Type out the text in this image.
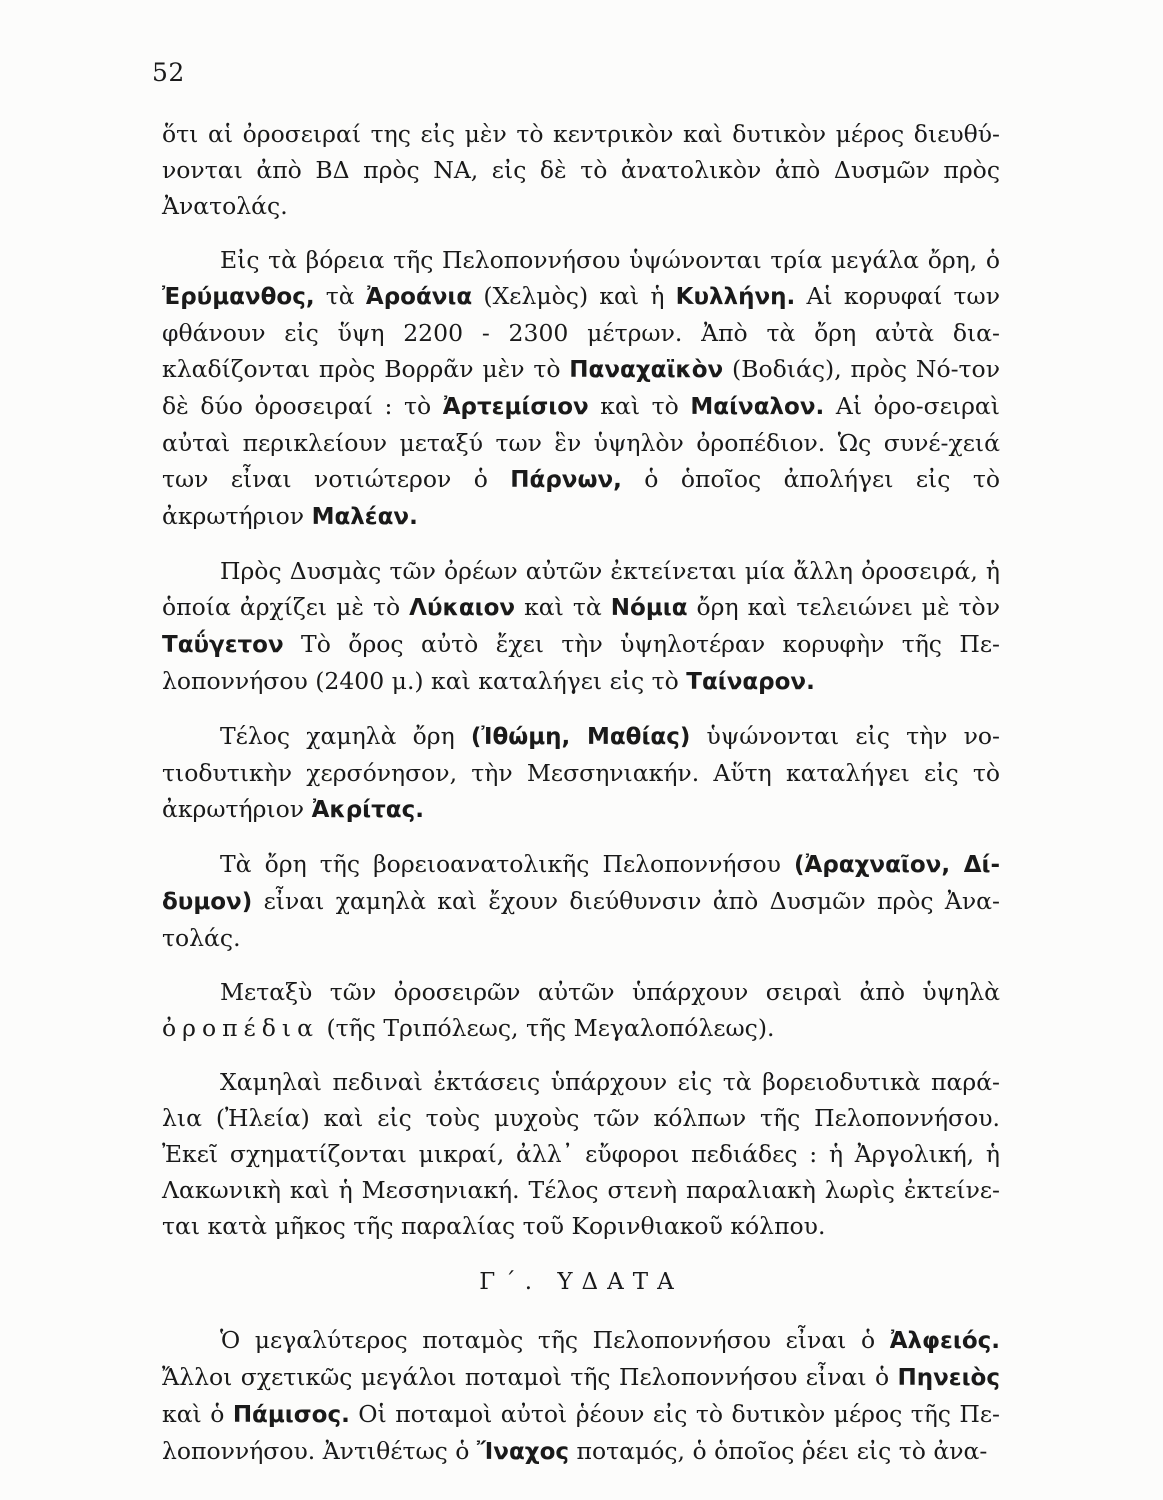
52

ὅτι αἱ ὀροσειραί της εἰς μὲν τὸ κεντρικὸν καὶ δυτικὸν μέρος διευθύ-νονται ἀπὸ ΒΔ πρὸς ΝΑ, εἰς δὲ τὸ ἀνατολικὸν ἀπὸ Δυσμῶν πρὸς Ἀνατολάς.

Εἰς τὰ βόρεια τῆς Πελοποννήσου ὑψώνονται τρία μεγάλα ὄρη, ὁ Ἐρύμανθος, τὰ Ἀροάνια (Χελμὸς) καὶ ἡ Κυλλήνη. Αἱ κορυφαί των φθάνουν εἰς ὕψη 2200 - 2300 μέτρων. Ἀπὸ τὰ ὄρη αὐτὰ δια-κλαδίζονται πρὸς Βορρᾶν μὲν τὸ Παναχαϊκὸν (Βοδιάς), πρὸς Νό-τον δὲ δύο ὀροσειραί : τὸ Ἀρτεμίσιον καὶ τὸ Μαίναλον. Αἱ ὀρο-σειραὶ αὐταὶ περικλείουν μεταξύ των ἓν ὑψηλὸν ὀροπέδιον. Ὡς συνέ-χειά των εἶναι νοτιώτερον ὁ Πάρνων, ὁ ὁποῖος ἀπολήγει εἰς τὸ ἀκρωτήριον Μαλέαν.

Πρὸς Δυσμὰς τῶν ὀρέων αὐτῶν ἐκτείνεται μία ἄλλη ὀροσειρά, ἡ ὁποία ἀρχίζει μὲ τὸ Λύκαιον καὶ τὰ Νόμια ὄρη καὶ τελειώνει μὲ τὸν Ταΰγετον Τὸ ὄρος αὐτὸ ἔχει τὴν ὑψηλοτέραν κορυφὴν τῆς Πε-λοποννήσου (2400 μ.) καὶ καταλήγει εἰς τὸ Ταίναρον.

Τέλος χαμηλὰ ὄρη (Ἰθώμη, Μαθίας) ὑψώνονται εἰς τὴν νο-τιοδυτικὴν χερσόνησον, τὴν Μεσσηνιακήν. Αὕτη καταλήγει εἰς τὸ ἀκρωτήριον Ἀκρίτας.

Τὰ ὄρη τῆς βορειοανατολικῆς Πελοποννήσου (Ἀραχναῖον, Δί-δυμον) εἶναι χαμηλὰ καὶ ἔχουν διεύθυνσιν ἀπὸ Δυσμῶν πρὸς Ἀνα-τολάς.

Μεταξὺ τῶν ὀροσειρῶν αὐτῶν ὑπάρχουν σειραὶ ἀπὸ ὑψηλὰ ὀροπέδια (τῆς Τριπόλεως, τῆς Μεγαλοπόλεως).

Χαμηλαὶ πεδιναὶ ἐκτάσεις ὑπάρχουν εἰς τὰ βορειοδυτικὰ παρά-λια (Ἠλεία) καὶ εἰς τοὺς μυχοὺς τῶν κόλπων τῆς Πελοποννήσου. Ἐκεῖ σχηματίζονται μικραί, ἀλλ᾽ εὔφοροι πεδιάδες : ἡ Ἀργολική, ἡ Λακωνικὴ καὶ ἡ Μεσσηνιακή. Τέλος στενὴ παραλιακὴ λωρὶς ἐκτείνε-ται κατὰ μῆκος τῆς παραλίας τοῦ Κορινθιακοῦ κόλπου.

Γ΄. ΥΔΑΤΑ

Ὁ μεγαλύτερος ποταμὸς τῆς Πελοποννήσου εἶναι ὁ Ἀλφειός. Ἄλλοι σχετικῶς μεγάλοι ποταμοὶ τῆς Πελοποννήσου εἶναι ὁ Πηνειὸς καὶ ὁ Πάμισος. Οἱ ποταμοὶ αὐτοὶ ῥέουν εἰς τὸ δυτικὸν μέρος τῆς Πε-λοποννήσου. Ἀντιθέτως ὁ Ἴναχος ποταμός, ὁ ὁποῖος ῥέει εἰς τὸ ἀνα-
